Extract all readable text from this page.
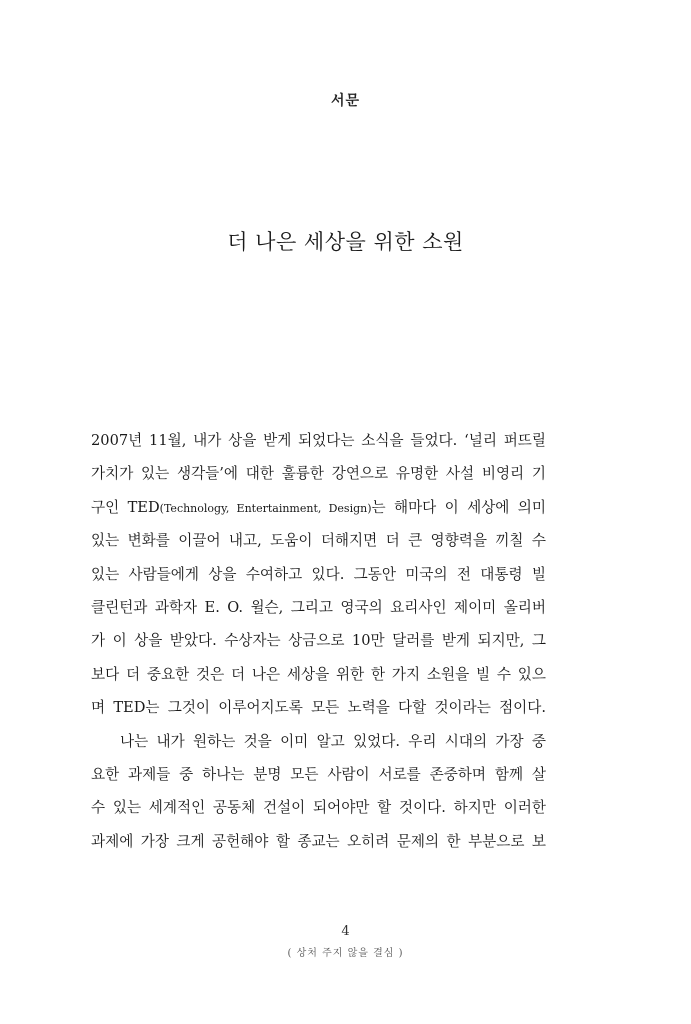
서문
더 나은 세상을 위한 소원
2007년 11월, 내가 상을 받게 되었다는 소식을 들었다. ‘널리 퍼뜨릴
가치가 있는 생각들’에 대한 훌륭한 강연으로 유명한 사설 비영리 기
구인 TED(Technology, Entertainment, Design)는 해마다 이 세상에 의미
있는 변화를 이끌어 내고, 도움이 더해지면 더 큰 영향력을 끼칠 수
있는 사람들에게 상을 수여하고 있다. 그동안 미국의 전 대통령 빌
클린턴과 과학자 E. O. 윌슨, 그리고 영국의 요리사인 제이미 올리버
가 이 상을 받았다. 수상자는 상금으로 10만 달러를 받게 되지만, 그
보다 더 중요한 것은 더 나은 세상을 위한 한 가지 소원을 빌 수 있으
며 TED는 그것이 이루어지도록 모든 노력을 다할 것이라는 점이다.
나는 내가 원하는 것을 이미 알고 있었다. 우리 시대의 가장 중
요한 과제들 중 하나는 분명 모든 사람이 서로를 존중하며 함께 살
수 있는 세계적인 공동체 건설이 되어야만 할 것이다. 하지만 이러한
과제에 가장 크게 공헌해야 할 종교는 오히려 문제의 한 부분으로 보
4
( 상처 주지 않을 결심 )
